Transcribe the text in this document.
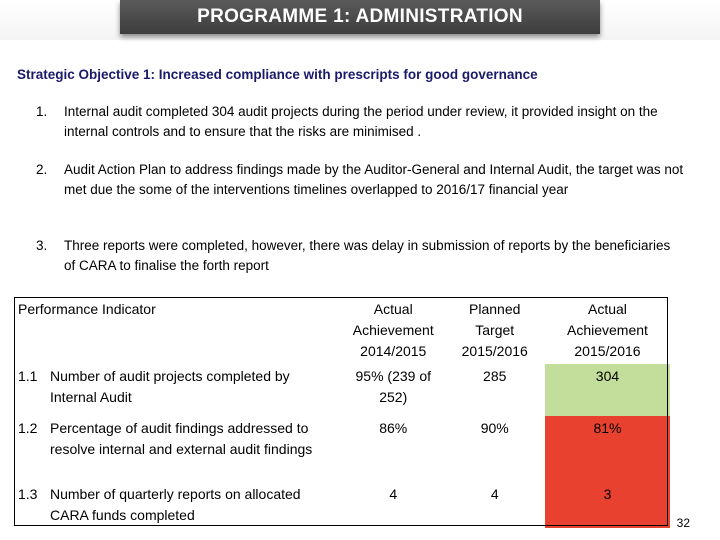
PROGRAMME 1: ADMINISTRATION
Strategic Objective 1: Increased compliance with prescripts for good governance
1. Internal audit completed 304 audit projects during the period under review, it provided insight on the internal controls and to ensure that the risks are minimised .
2. Audit Action Plan to address findings made by the Auditor-General and Internal Audit, the target was not met due the some of the interventions timelines overlapped to 2016/17 financial year
3. Three reports were completed, however, there was delay in submission of reports by the beneficiaries of CARA to finalise the forth report
Performance Indicator	Actual Achievement 2014/2015	Planned Target 2015/2016	Actual Achievement 2015/2016

1.1 Number of audit projects completed by Internal Audit	95% (239 of 252)	285	304

1.2 Percentage of audit findings addressed to resolve internal and external audit findings	86%	90%	81%

1.3 Number of quarterly reports on allocated CARA funds completed	4	4	3
32
